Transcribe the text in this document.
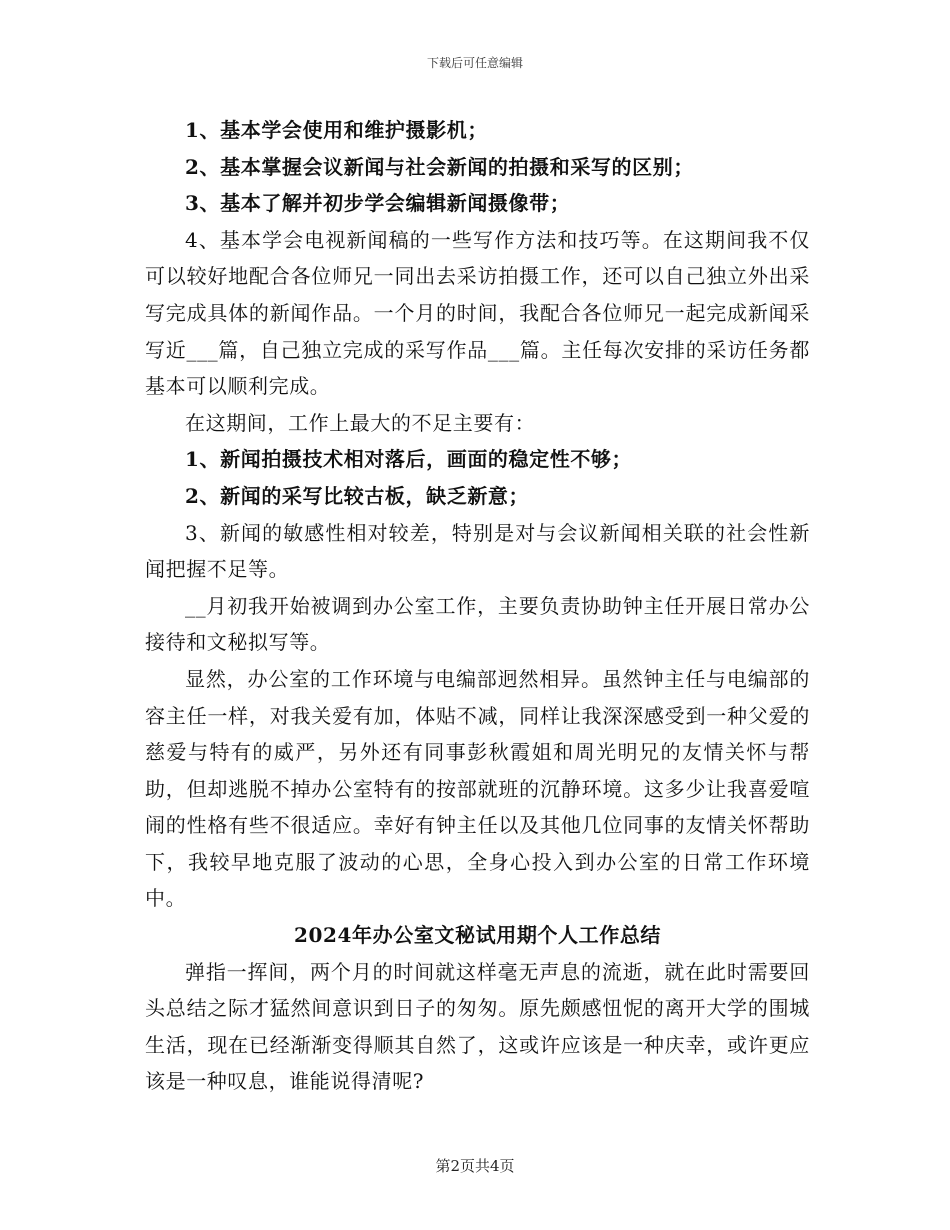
下载后可任意编辑

1、基本学会使用和维护摄影机；

2、基本掌握会议新闻与社会新闻的拍摄和采写的区别；

3、基本了解并初步学会编辑新闻摄像带；

4、基本学会电视新闻稿的一些写作方法和技巧等。在这期间我不仅可以较好地配合各位师兄一同出去采访拍摄工作，还可以自己独立外出采写完成具体的新闻作品。一个月的时间，我配合各位师兄一起完成新闻采写近___篇，自己独立完成的采写作品___篇。主任每次安排的采访任务都基本可以顺利完成。

在这期间，工作上最大的不足主要有：

1、新闻拍摄技术相对落后，画面的稳定性不够；

2、新闻的采写比较古板，缺乏新意；

3、新闻的敏感性相对较差，特别是对与会议新闻相关联的社会性新闻把握不足等。

__月初我开始被调到办公室工作，主要负责协助钟主任开展日常办公接待和文秘拟写等。

显然，办公室的工作环境与电编部迥然相异。虽然钟主任与电编部的容主任一样，对我关爱有加，体贴不减，同样让我深深感受到一种父爱的慈爱与特有的威严，另外还有同事彭秋霞姐和周光明兄的友情关怀与帮助，但却逃脱不掉办公室特有的按部就班的沉静环境。这多少让我喜爱喧闹的性格有些不很适应。幸好有钟主任以及其他几位同事的友情关怀帮助下，我较早地克服了波动的心思，全身心投入到办公室的日常工作环境中。

2024年办公室文秘试用期个人工作总结

弹指一挥间，两个月的时间就这样毫无声息的流逝，就在此时需要回头总结之际才猛然间意识到日子的匆匆。原先颇感忸怩的离开大学的围城生活，现在已经渐渐变得顺其自然了，这或许应该是一种庆幸，或许更应该是一种叹息，谁能说得清呢?

第2页共4页
